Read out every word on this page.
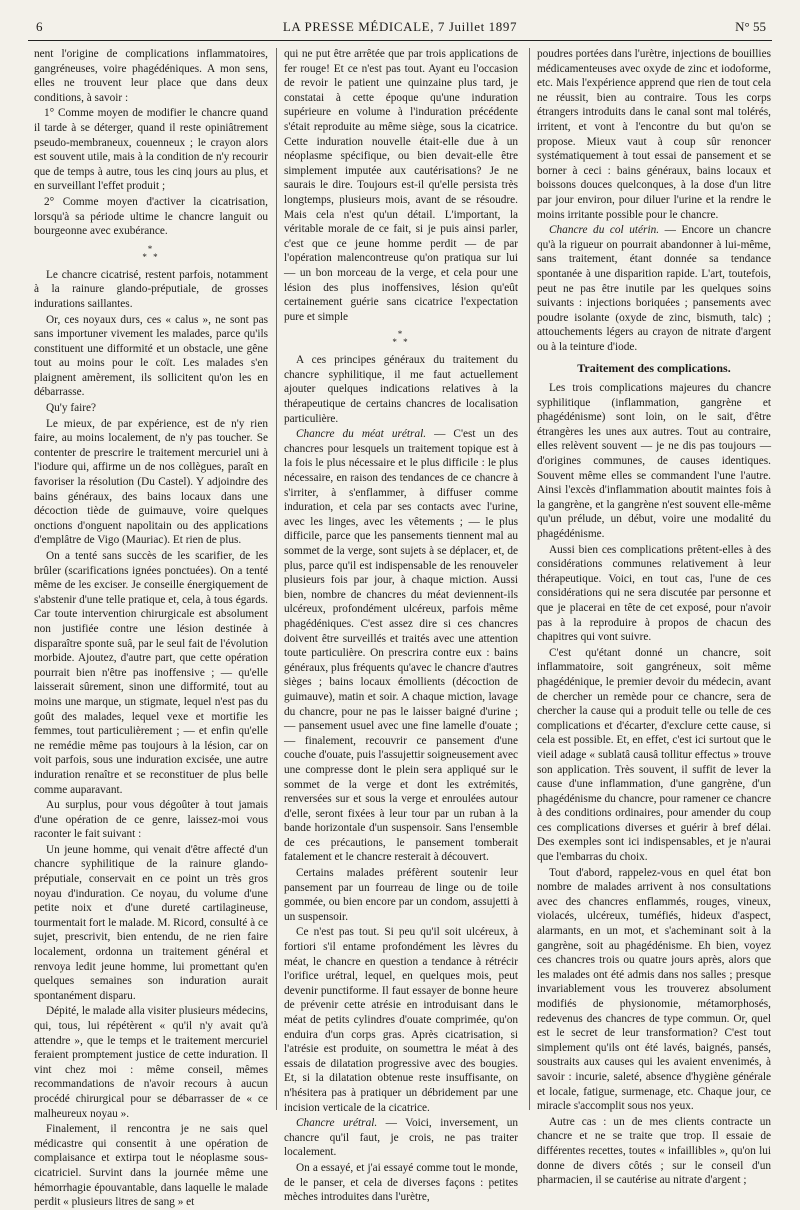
6	LA PRESSE MÉDICALE, 7 Juillet 1897	N° 55

nent l'origine de complications inflammatoires, gangréneuses, voire phagédéniques. A mon sens, elles ne trouvent leur place que dans deux conditions, à savoir :

1° Comme moyen de modifier le chancre quand il tarde à se déterger, quand il reste opiniâtrement pseudo-membraneux, couenneux ; le crayon alors est souvent utile, mais à la condition de n'y recourir que de temps à autre, tous les cinq jours au plus, et en surveillant l'effet produit ;

2° Comme moyen d'activer la cicatrisation, lorsqu'à sa période ultime le chancre languit ou bourgeonne avec exubérance.

*
* *

Le chancre cicatrisé, restent parfois, notamment à la rainure glando-préputiale, de grosses indurations saillantes.

Or, ces noyaux durs, ces « calus », ne sont pas sans importuner vivement les malades, parce qu'ils constituent une difformité et un obstacle, une gêne tout au moins pour le coït. Les malades s'en plaignent amèrement, ils sollicitent qu'on les en débarrasse.

Qu'y faire?

Le mieux, de par expérience, est de n'y rien faire, au moins localement, de n'y pas toucher. Se contenter de prescrire le traitement mercuriel uni à l'iodure qui, affirme un de nos collègues, paraît en favoriser la résolution (Du Castel). Y adjoindre des bains généraux, des bains locaux dans une décoction tiède de guimauve, voire quelques onctions d'onguent napolitain ou des applications d'emplâtre de Vigo (Mauriac). Et rien de plus.

On a tenté sans succès de les scarifier, de les brûler (scarifications ignées ponctuées). On a tenté même de les exciser. Je conseille énergiquement de s'abstenir d'une telle pratique et, cela, à tous égards. Car toute intervention chirurgicale est absolument non justifiée contre une lésion destinée à disparaître sponte suâ, par le seul fait de l'évolution morbide. Ajoutez, d'autre part, que cette opération pourrait bien n'être pas inoffensive ; — qu'elle laisserait sûrement, sinon une difformité, tout au moins une marque, un stigmate, lequel n'est pas du goût des malades, lequel vexe et mortifie les femmes, tout particulièrement ; — et enfin qu'elle ne remédie même pas toujours à la lésion, car on voit parfois, sous une induration excisée, une autre induration renaître et se reconstituer de plus belle comme auparavant.

Au surplus, pour vous dégoûter à tout jamais d'une opération de ce genre, laissez-moi vous raconter le fait suivant :

Un jeune homme, qui venait d'être affecté d'un chancre syphilitique de la rainure glando-préputiale, conservait en ce point un très gros noyau d'induration. Ce noyau, du volume d'une petite noix et d'une dureté cartilagineuse, tourmentait fort le malade. M. Ricord, consulté à ce sujet, prescrivit, bien entendu, de ne rien faire localement, ordonna un traitement général et renvoya ledit jeune homme, lui promettant qu'en quelques semaines son induration aurait spontanément disparu.

Dépité, le malade alla visiter plusieurs médecins, qui, tous, lui répétèrent « qu'il n'y avait qu'à attendre », que le temps et le traitement mercuriel feraient promptement justice de cette induration. Il vint chez moi : même conseil, mêmes recommandations de n'avoir recours à aucun procédé chirurgical pour se débarrasser de « ce malheureux noyau ».

Finalement, il rencontra je ne sais quel médicastre qui consentit à une opération de complaisance et extirpa tout le néoplasme sous-cicatriciel. Survint dans la journée même une hémorrhagie épouvantable, dans laquelle le malade perdit « plusieurs litres de sang » et

qui ne put être arrêtée que par trois applications de fer rouge! Et ce n'est pas tout. Ayant eu l'occasion de revoir le patient une quinzaine plus tard, je constatai à cette époque qu'une induration supérieure en volume à l'induration précédente s'était reproduite au même siège, sous la cicatrice. Cette induration nouvelle était-elle due à un néoplasme spécifique, ou bien devait-elle être simplement imputée aux cautérisations? Je ne saurais le dire. Toujours est-il qu'elle persista très longtemps, plusieurs mois, avant de se résoudre. Mais cela n'est qu'un détail. L'important, la véritable morale de ce fait, si je puis ainsi parler, c'est que ce jeune homme perdit — de par l'opération malencontreuse qu'on pratiqua sur lui — un bon morceau de la verge, et cela pour une lésion des plus inoffensives, lésion qu'eût certainement guérie sans cicatrice l'expectation pure et simple

*
* *

A ces principes généraux du traitement du chancre syphilitique, il me faut actuellement ajouter quelques indications relatives à la thérapeutique de certains chancres de localisation particulière.

Chancre du méat urétral. — C'est un des chancres pour lesquels un traitement topique est à la fois le plus nécessaire et le plus difficile : le plus nécessaire, en raison des tendances de ce chancre à s'irriter, à s'enflammer, à diffuser comme induration, et cela par ses contacts avec l'urine, avec les linges, avec les vêtements ; — le plus difficile, parce que les pansements tiennent mal au sommet de la verge, sont sujets à se déplacer, et, de plus, parce qu'il est indispensable de les renouveler plusieurs fois par jour, à chaque miction. Aussi bien, nombre de chancres du méat deviennent-ils ulcéreux, profondément ulcéreux, parfois même phagédéniques. C'est assez dire si ces chancres doivent être surveillés et traités avec une attention toute particulière. On prescrira contre eux : bains généraux, plus fréquents qu'avec le chancre d'autres sièges ; bains locaux émollients (décoction de guimauve), matin et soir. A chaque miction, lavage du chancre, pour ne pas le laisser baigné d'urine ; — pansement usuel avec une fine lamelle d'ouate ; — finalement, recouvrir ce pansement d'une couche d'ouate, puis l'assujettir soigneusement avec une compresse dont le plein sera appliqué sur le sommet de la verge et dont les extrémités, renversées sur et sous la verge et enroulées autour d'elle, seront fixées à leur tour par un ruban à la bande horizontale d'un suspensoir. Sans l'ensemble de ces précautions, le pansement tomberait fatalement et le chancre resterait à découvert.

Certains malades préfèrent soutenir leur pansement par un fourreau de linge ou de toile gommée, ou bien encore par un condom, assujetti à un suspensoir.

Ce n'est pas tout. Si peu qu'il soit ulcéreux, à fortiori s'il entame profondément les lèvres du méat, le chancre en question a tendance à rétrécir l'orifice urétral, lequel, en quelques mois, peut devenir punctiforme. Il faut essayer de bonne heure de prévenir cette atrésie en introduisant dans le méat de petits cylindres d'ouate comprimée, qu'on enduira d'un corps gras. Après cicatrisation, si l'atrésie est produite, on soumettra le méat à des essais de dilatation progressive avec des bougies. Et, si la dilatation obtenue reste insuffisante, on n'hésitera pas à pratiquer un débridement par une incision verticale de la cicatrice.

Chancre urétral. — Voici, inversement, un chancre qu'il faut, je crois, ne pas traiter localement.

On a essayé, et j'ai essayé comme tout le monde, de le panser, et cela de diverses façons : petites mèches introduites dans l'urètre,

poudres portées dans l'urètre, injections de bouillies médicamenteuses avec oxyde de zinc et iodoforme, etc. Mais l'expérience apprend que rien de tout cela ne réussit, bien au contraire. Tous les corps étrangers introduits dans le canal sont mal tolérés, irritent, et vont à l'encontre du but qu'on se propose. Mieux vaut à coup sûr renoncer systématiquement à tout essai de pansement et se borner à ceci : bains généraux, bains locaux et boissons douces quelconques, à la dose d'un litre par jour environ, pour diluer l'urine et la rendre le moins irritante possible pour le chancre.

Chancre du col utérin. — Encore un chancre qu'à la rigueur on pourrait abandonner à lui-même, sans traitement, étant donnée sa tendance spontanée à une disparition rapide. L'art, toutefois, peut ne pas être inutile par les quelques soins suivants : injections boriquées ; pansements avec poudre isolante (oxyde de zinc, bismuth, talc) ; attouchements légers au crayon de nitrate d'argent ou à la teinture d'iode.

Traitement des complications.

Les trois complications majeures du chancre syphilitique (inflammation, gangrène et phagédénisme) sont loin, on le sait, d'être étrangères les unes aux autres. Tout au contraire, elles relèvent souvent — je ne dis pas toujours — d'origines communes, de causes identiques. Souvent même elles se commandent l'une l'autre. Ainsi l'excès d'inflammation aboutit maintes fois à la gangrène, et la gangrène n'est souvent elle-même qu'un prélude, un début, voire une modalité du phagédénisme.

Aussi bien ces complications prêtent-elles à des considérations communes relativement à leur thérapeutique. Voici, en tout cas, l'une de ces considérations qui ne sera discutée par personne et que je placerai en tête de cet exposé, pour n'avoir pas à la reproduire à propos de chacun des chapitres qui vont suivre.

C'est qu'étant donné un chancre, soit inflammatoire, soit gangréneux, soit même phagédénique, le premier devoir du médecin, avant de chercher un remède pour ce chancre, sera de chercher la cause qui a produit telle ou telle de ces complications et d'écarter, d'exclure cette cause, si cela est possible. Et, en effet, c'est ici surtout que le vieil adage « sublatâ causâ tollitur effectus » trouve son application. Très souvent, il suffit de lever la cause d'une inflammation, d'une gangrène, d'un phagédénisme du chancre, pour ramener ce chancre à des conditions ordinaires, pour amender du coup ces complications diverses et guérir à bref délai. Des exemples sont ici indispensables, et je n'aurai que l'embarras du choix.

Tout d'abord, rappelez-vous en quel état bon nombre de malades arrivent à nos consultations avec des chancres enflammés, rouges, vineux, violacés, ulcéreux, tuméfiés, hideux d'aspect, alarmants, en un mot, et s'acheminant soit à la gangrène, soit au phagédénisme. Eh bien, voyez ces chancres trois ou quatre jours après, alors que les malades ont été admis dans nos salles ; presque invariablement vous les trouverez absolument modifiés de physionomie, métamorphosés, redevenus des chancres de type commun. Or, quel est le secret de leur transformation? C'est tout simplement qu'ils ont été lavés, baignés, pansés, soustraits aux causes qui les avaient envenimés, à savoir : incurie, saleté, absence d'hygiène générale et locale, fatigue, surmenage, etc. Chaque jour, ce miracle s'accomplit sous nos yeux.

Autre cas : un de mes clients contracte un chancre et ne se traite que trop. Il essaie de différentes recettes, toutes « infaillibles », qu'on lui donne de divers côtés ; sur le conseil d'un pharmacien, il se cautérise au nitrate d'argent ;
